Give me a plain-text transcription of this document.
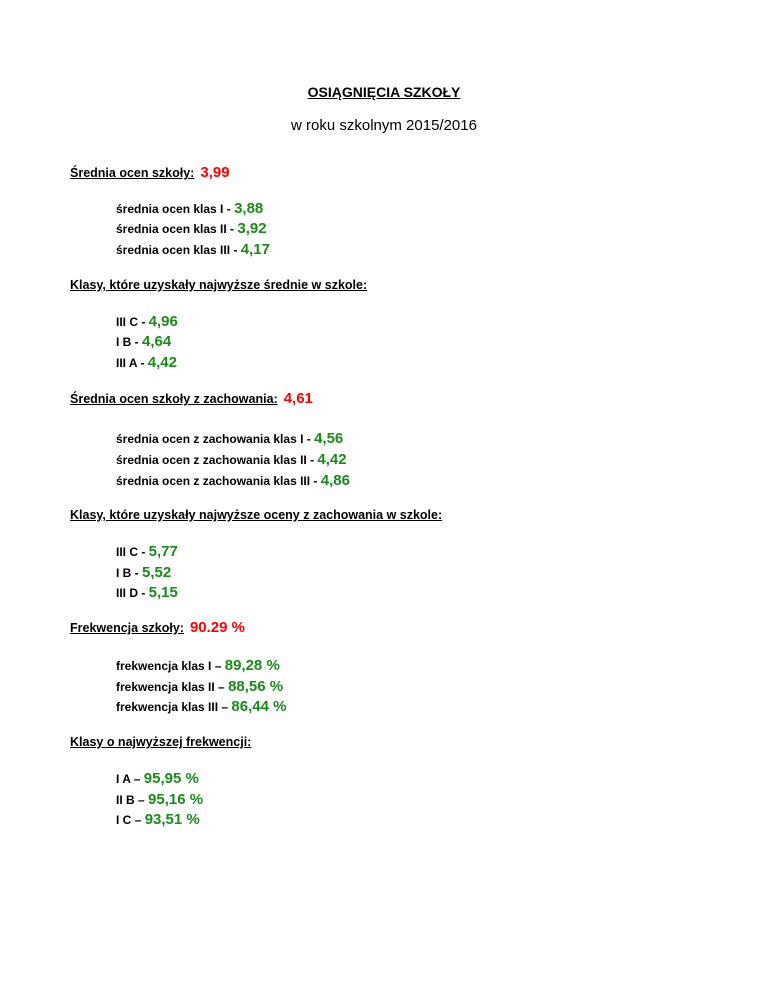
OSIĄGNIĘCIA SZKOŁY
w roku szkolnym 2015/2016
Średnia ocen szkoły: 3,99
średnia ocen klas I - 3,88
średnia ocen klas II - 3,92
średnia ocen klas III - 4,17
Klasy, które uzyskały najwyższe średnie w szkole:
III C - 4,96
I B - 4,64
III A - 4,42
Średnia ocen szkoły z zachowania: 4,61
średnia ocen z zachowania klas I - 4,56
średnia ocen z zachowania klas II - 4,42
średnia ocen z zachowania klas III - 4,86
Klasy, które uzyskały najwyższe oceny z zachowania w szkole:
III C - 5,77
I B - 5,52
III D - 5,15
Frekwencja szkoły: 90.29 %
frekwencja klas I – 89,28 %
frekwencja klas II – 88,56 %
frekwencja klas III – 86,44 %
Klasy o najwyższej frekwencji:
I A – 95,95 %
II B – 95,16 %
I C – 93,51 %
